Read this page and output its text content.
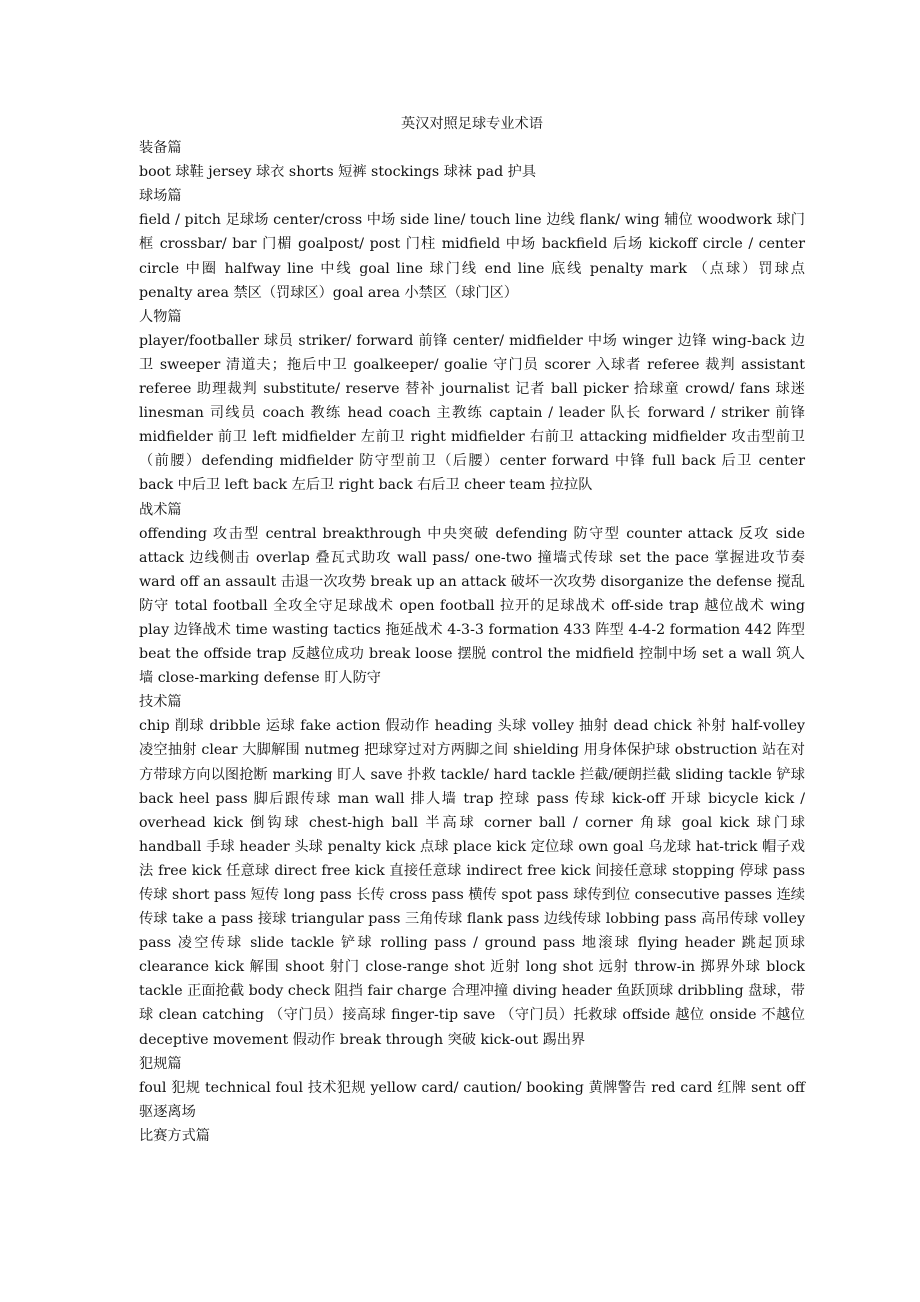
英汉对照足球专业术语

装备篇

boot 球鞋 jersey 球衣 shorts 短裤 stockings 球袜 pad 护具

球场篇

field / pitch 足球场 center/cross 中场 side line/ touch line 边线 flank/ wing 辅位 woodwork 球门框 crossbar/ bar 门楣 goalpost/ post 门柱 midfield 中场 backfield 后场 kickoff circle / center circle 中圈 halfway line 中线 goal line 球门线 end line 底线 penalty mark （点球）罚球点 penalty area 禁区（罚球区）goal area 小禁区（球门区）

人物篇

player/footballer 球员 striker/ forward 前锋 center/ midfielder 中场 winger 边锋 wing-back 边卫 sweeper 清道夫；拖后中卫 goalkeeper/ goalie 守门员 scorer 入球者 referee 裁判 assistant referee 助理裁判 substitute/ reserve 替补 journalist 记者 ball picker 拾球童 crowd/ fans 球迷 linesman 司线员 coach 教练 head coach 主教练 captain / leader 队长 forward / striker 前锋 midfielder 前卫 left midfielder 左前卫 right midfielder 右前卫 attacking midfielder 攻击型前卫（前腰）defending midfielder 防守型前卫（后腰）center forward 中锋 full back 后卫 center back 中后卫 left back 左后卫 right back 右后卫 cheer team 拉拉队

战术篇

offending 攻击型 central breakthrough 中央突破 defending 防守型 counter attack 反攻 side attack 边线侧击 overlap 叠瓦式助攻 wall pass/ one-two 撞墙式传球 set the pace 掌握进攻节奏 ward off an assault 击退一次攻势 break up an attack 破坏一次攻势 disorganize the defense 搅乱防守 total football 全攻全守足球战术 open football 拉开的足球战术 off-side trap 越位战术 wing play 边锋战术 time wasting tactics 拖延战术 4-3-3 formation 433 阵型 4-4-2 formation 442 阵型 beat the offside trap 反越位成功 break loose 摆脱 control the midfield 控制中场 set a wall 筑人墙 close-marking defense 盯人防守

技术篇

chip 削球 dribble 运球 fake action 假动作 heading 头球 volley 抽射 dead chick 补射 half-volley 凌空抽射 clear 大脚解围 nutmeg 把球穿过对方两脚之间 shielding 用身体保护球 obstruction 站在对方带球方向以图抢断 marking 盯人 save 扑救 tackle/ hard tackle 拦截/硬朗拦截 sliding tackle 铲球 back heel pass 脚后跟传球 man wall 排人墙 trap 控球 pass 传球 kick-off 开球 bicycle kick / overhead kick 倒钩球 chest-high ball 半高球 corner ball / corner 角球 goal kick 球门球 handball 手球 header 头球 penalty kick 点球 place kick 定位球 own goal 乌龙球 hat-trick 帽子戏法 free kick 任意球 direct free kick 直接任意球 indirect free kick 间接任意球 stopping 停球 pass 传球 short pass 短传 long pass 长传 cross pass 横传 spot pass 球传到位 consecutive passes 连续传球 take a pass 接球 triangular pass 三角传球 flank pass 边线传球 lobbing pass 高吊传球 volley pass 凌空传球 slide tackle 铲球 rolling pass / ground pass 地滚球 flying header 跳起顶球 clearance kick 解围 shoot 射门 close-range shot 近射 long shot 远射 throw-in 掷界外球 block tackle 正面抢截 body check 阻挡 fair charge 合理冲撞 diving header 鱼跃顶球 dribbling 盘球，带球 clean catching （守门员）接高球 finger-tip save （守门员）托救球 offside 越位 onside 不越位 deceptive movement 假动作 break through 突破 kick-out 踢出界

犯规篇

foul 犯规 technical foul 技术犯规 yellow card/ caution/ booking 黄牌警告 red card 红牌 sent off 驱逐离场

比赛方式篇
